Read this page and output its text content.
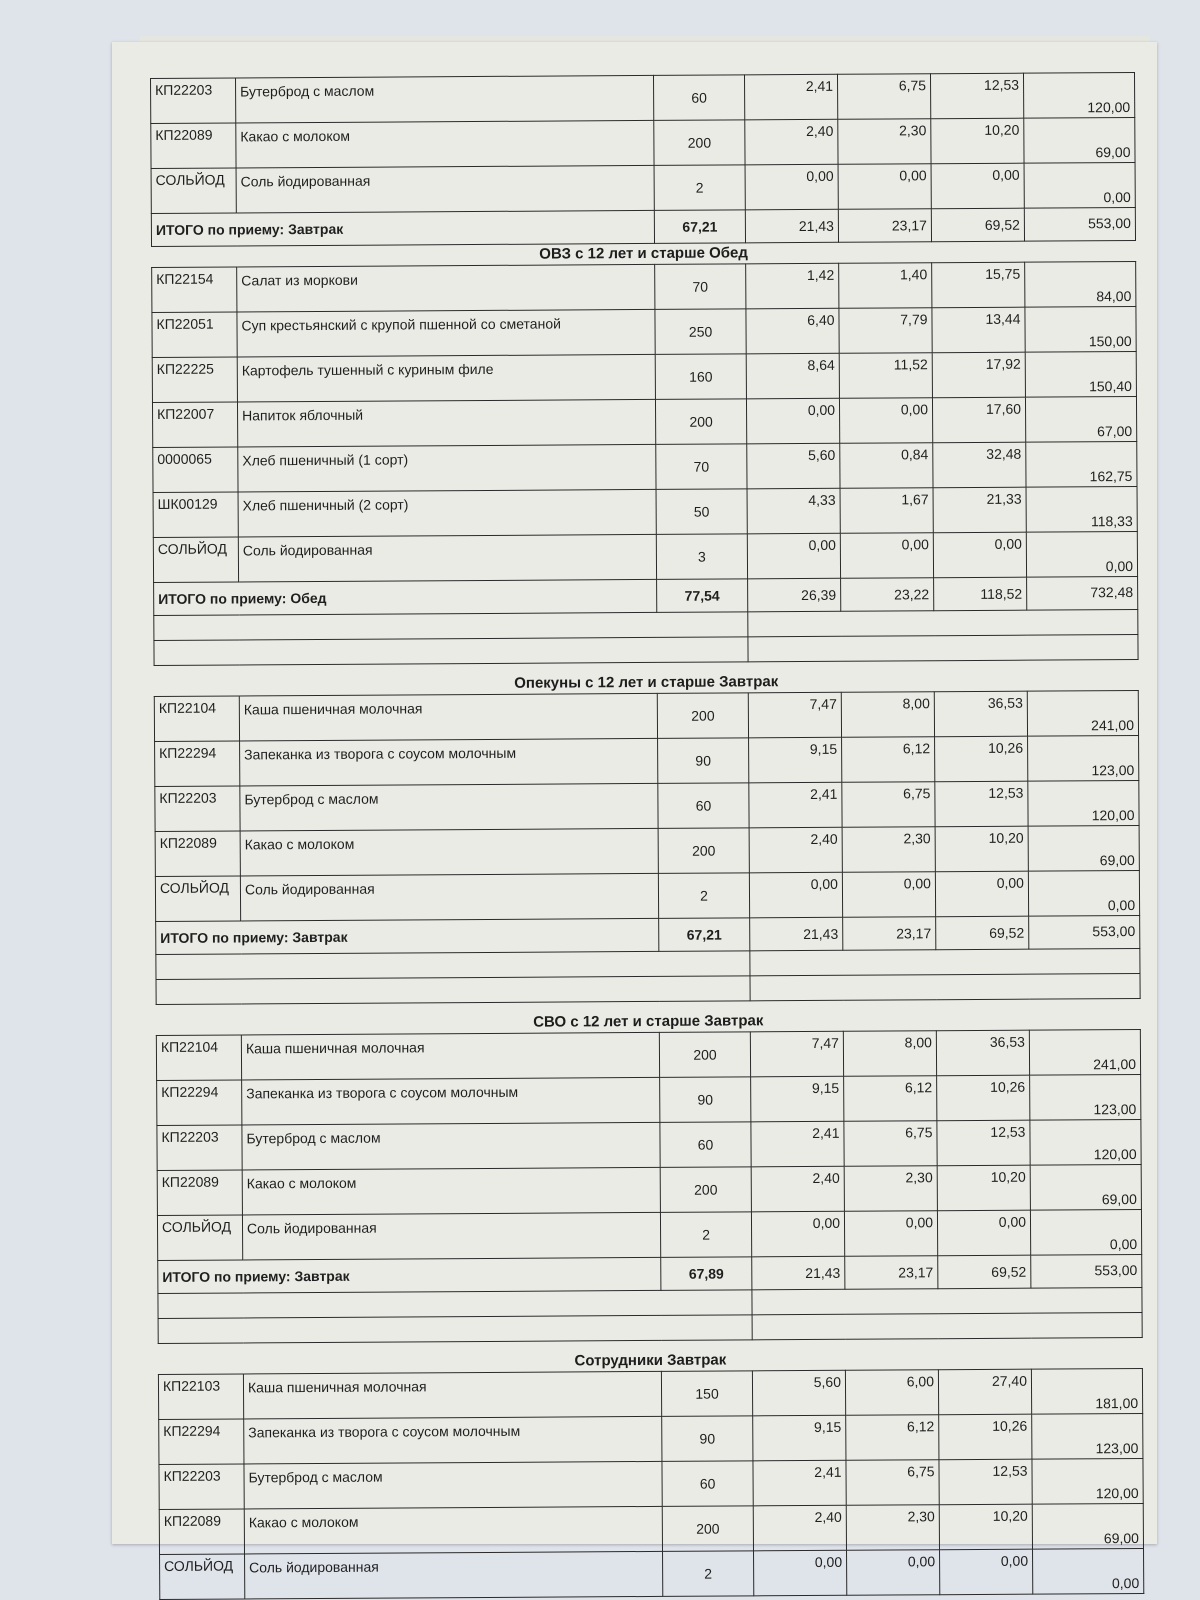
КП22203	Бутерброд с маслом	60	2,41	6,75	12,53	120,00
КП22089	Какао с молоком	200	2,40	2,30	10,20	69,00
СОЛЬЙОД	Соль йодированная	2	0,00	0,00	0,00	0,00
ИТОГО по приему: Завтрак		67,21	21,43	23,17	69,52	553,00
ОВЗ с 12 лет и старше Обед
КП22154	Салат из моркови	70	1,42	1,40	15,75	84,00
КП22051	Суп крестьянский с крупой пшенной со сметаной	250	6,40	7,79	13,44	150,00
КП22225	Картофель тушенный с куриным филе	160	8,64	11,52	17,92	150,40
КП22007	Напиток яблочный	200	0,00	0,00	17,60	67,00
0000065	Хлеб пшеничный (1 сорт)	70	5,60	0,84	32,48	162,75
ШК00129	Хлеб пшеничный (2 сорт)	50	4,33	1,67	21,33	118,33
СОЛЬЙОД	Соль йодированная	3	0,00	0,00	0,00	0,00
ИТОГО по приему: Обед		77,54	26,39	23,22	118,52	732,48

Опекуны с 12 лет и старше Завтрак
КП22104	Каша пшеничная молочная	200	7,47	8,00	36,53	241,00
КП22294	Запеканка из творога с соусом молочным	90	9,15	6,12	10,26	123,00
КП22203	Бутерброд с маслом	60	2,41	6,75	12,53	120,00
КП22089	Какао с молоком	200	2,40	2,30	10,20	69,00
СОЛЬЙОД	Соль йодированная	2	0,00	0,00	0,00	0,00
ИТОГО по приему: Завтрак		67,21	21,43	23,17	69,52	553,00

СВО с 12 лет и старше Завтрак
КП22104	Каша пшеничная молочная	200	7,47	8,00	36,53	241,00
КП22294	Запеканка из творога с соусом молочным	90	9,15	6,12	10,26	123,00
КП22203	Бутерброд с маслом	60	2,41	6,75	12,53	120,00
КП22089	Какао с молоком	200	2,40	2,30	10,20	69,00
СОЛЬЙОД	Соль йодированная	2	0,00	0,00	0,00	0,00
ИТОГО по приему: Завтрак		67,89	21,43	23,17	69,52	553,00

Сотрудники Завтрак
КП22103	Каша пшеничная молочная	150	5,60	6,00	27,40	181,00
КП22294	Запеканка из творога с соусом молочным	90	9,15	6,12	10,26	123,00
КП22203	Бутерброд с маслом	60	2,41	6,75	12,53	120,00
КП22089	Какао с молоком	200	2,40	2,30	10,20	69,00
СОЛЬЙОД	Соль йодированная	2	0,00	0,00	0,00	0,00
